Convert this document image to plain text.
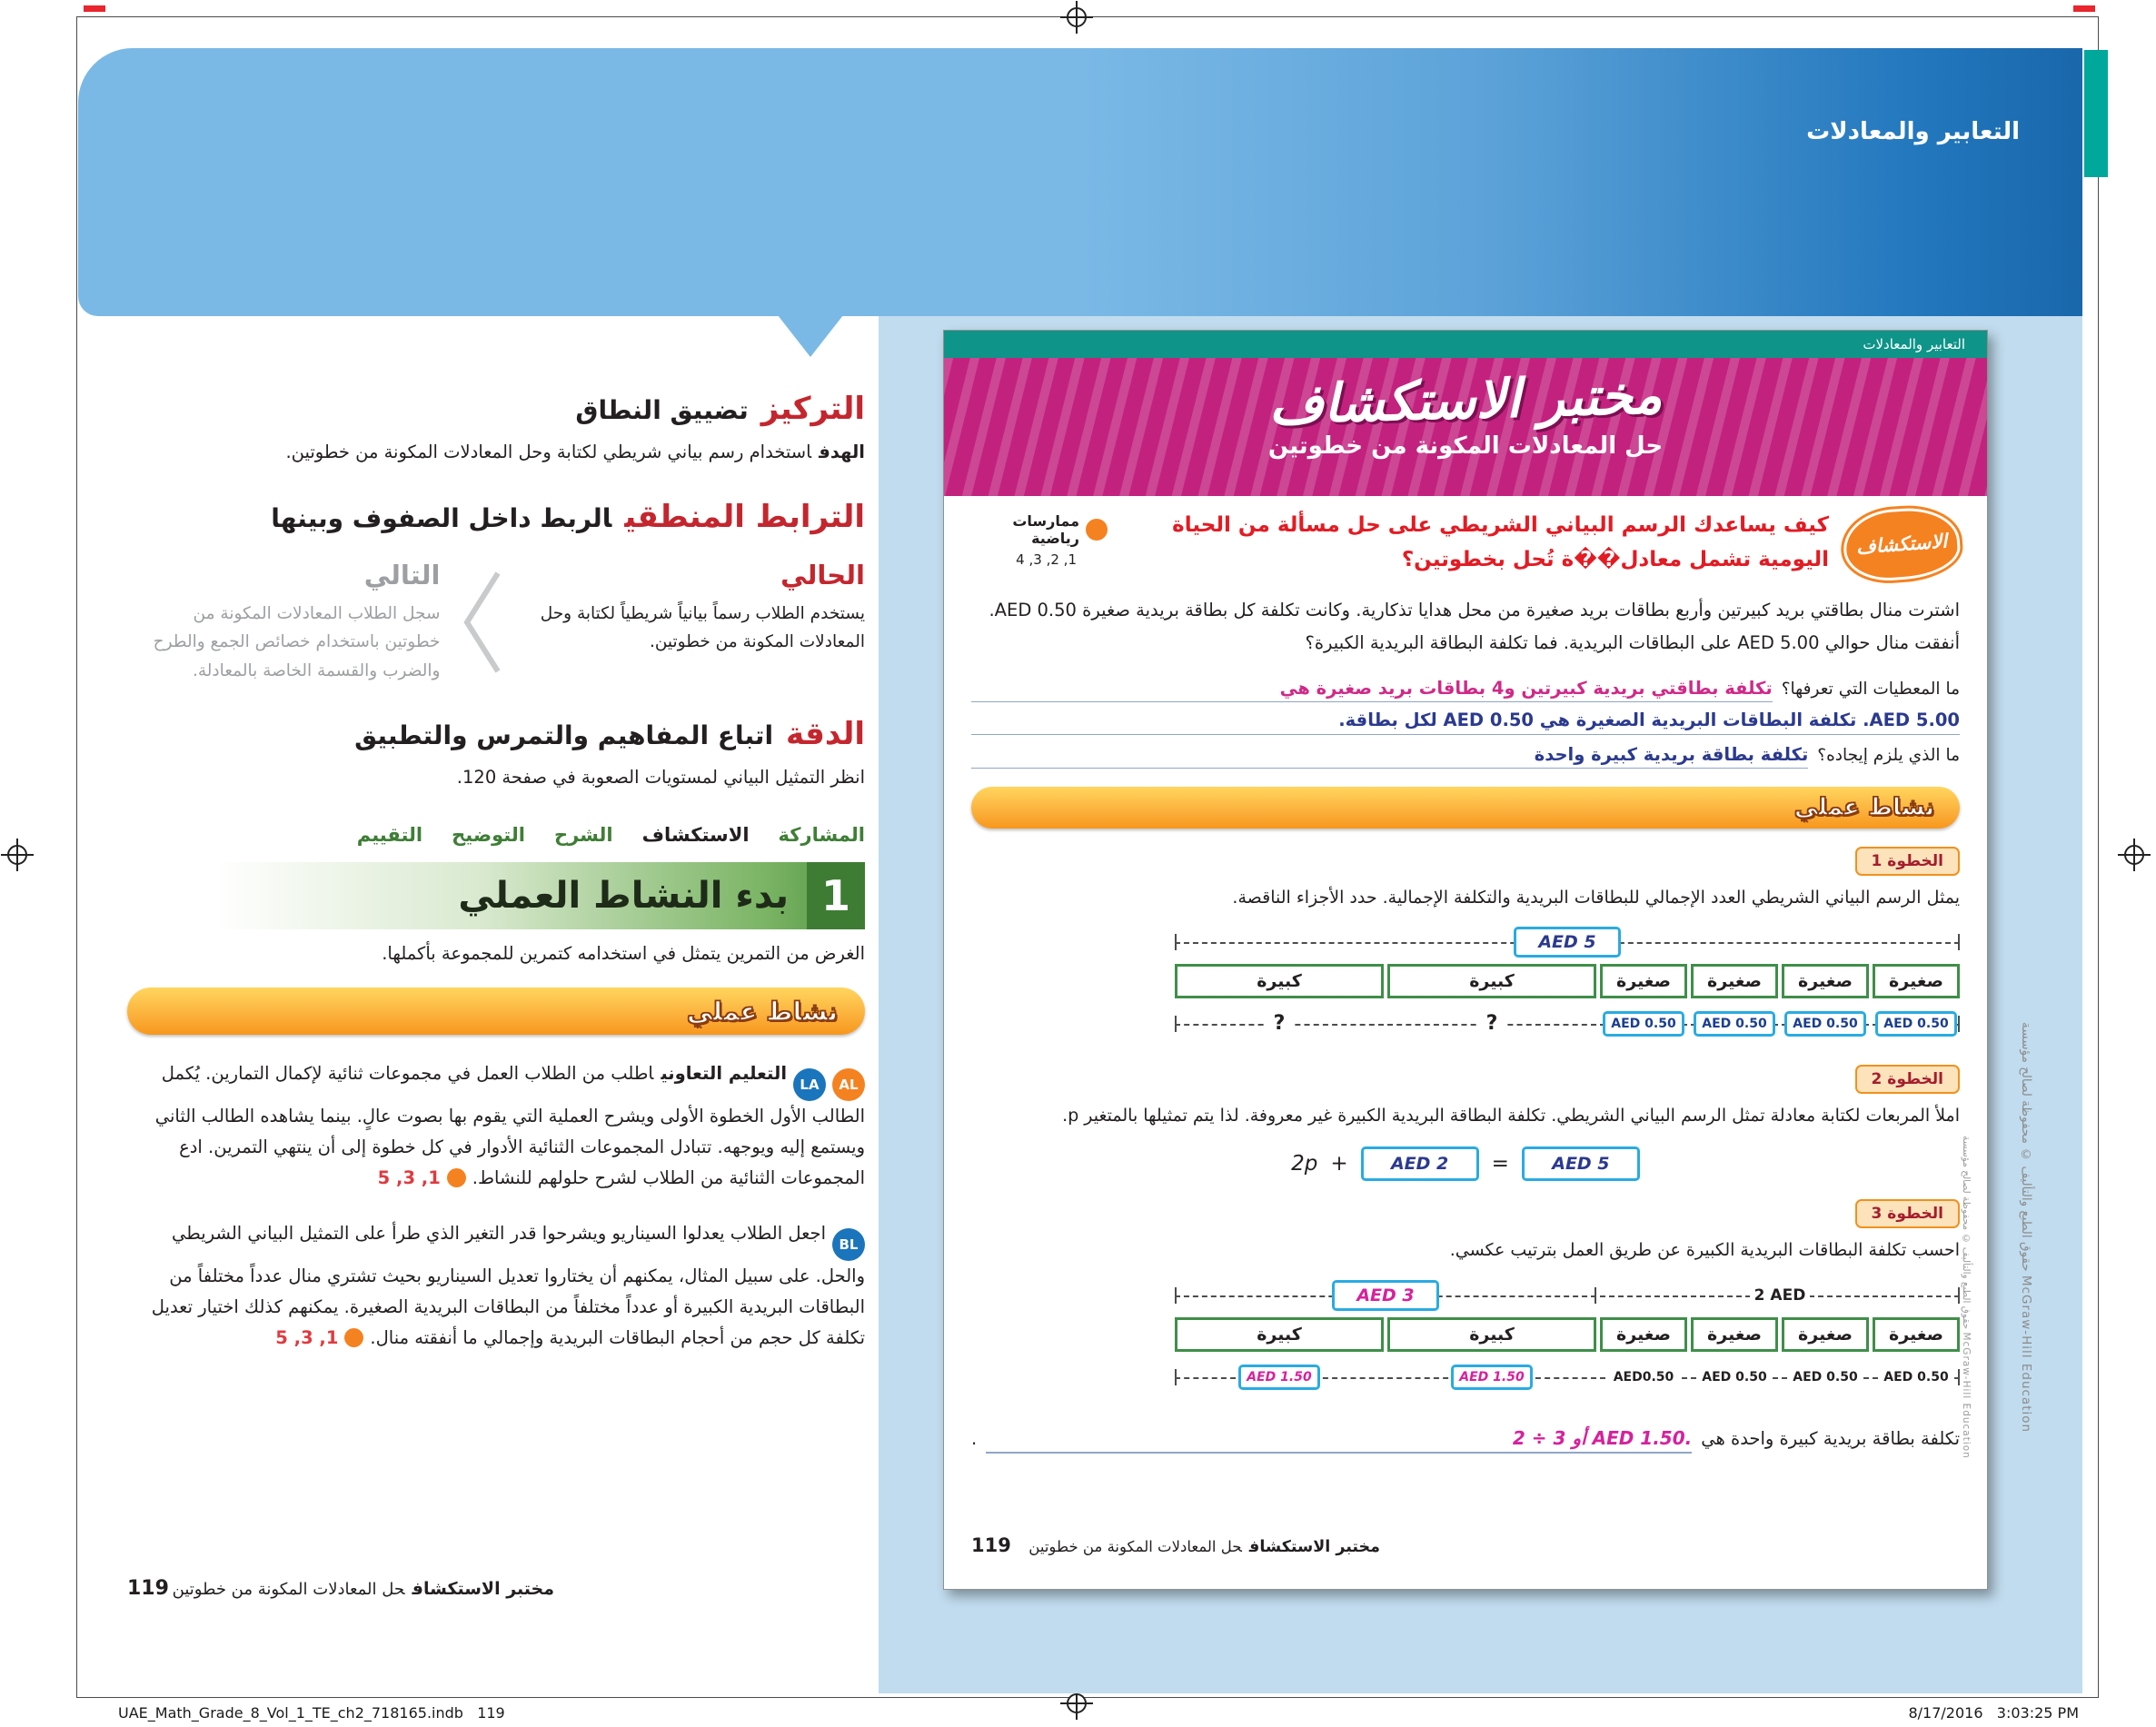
التعابير والمعادلات
التركيزتضييق النطاق

الهدفاستخدام رسم بياني شريطي لكتابة وحل المعادلات المكونة من خطوتين.

الترابط المنطقيالربط داخل الصفوف وبينها
الحالي
يستخدم الطلاب رسماً بيانياً شريطياً لكتابة وحل المعادلات المكونة من خطوتين.
التالي
سجل الطلاب المعادلات المكونة من خطوتين باستخدام خصائص الجمع والطرح والضرب والقسمة الخاصة بالمعادلة.
الدقةاتباع المفاهيم والتمرس والتطبيق

انظر التمثيل البياني لمستويات الصعوبة في صفحة 120.

المشاركة
الاستكشاف
الشرح
التوضيح
التقييم
1
بدء النشاط العملي

الغرض من التمرين يتمثل في استخدامه كتمرين للمجموعة بأكملها.

نشاط عملي

ALLAالتعليم التعاونياطلب من الطلاب العمل في مجموعات ثنائية لإكمال التمارين. يُكمل الطالب الأول الخطوة الأولى ويشرح العملية التي يقوم بها بصوت عالٍ. بينما يشاهده الطالب الثاني ويستمع إليه ويوجهه. تتبادل المجموعات الثنائية الأدوار في كل خطوة إلى أن ينتهي التمرين. ادع المجموعات الثنائية من الطلاب لشرح حلولهم للنشاط.1, 3, 5

BLاجعل الطلاب يعدلوا السيناريو ويشرحوا قدر التغير الذي طرأ على التمثيل البياني الشريطي والحل. على سبيل المثال، يمكنهم أن يختاروا تعديل السيناريو بحيث تشتري منال عدداً مختلفاً من البطاقات البريدية الكبيرة أو عدداً مختلفاً من البطاقات البريدية الصغيرة. يمكنهم كذلك اختيار تعديل تكلفة كل حجم من أحجام البطاقات البريدية وإجمالي ما أنفقته منال.1, 3, 5

مختبر الاستكشافحل المعادلات المكونة من خطوتين
119
التعابير والمعادلات
مختبر الاستكشاف
حل المعادلات المكونة من خطوتين
الاستكشاف
كيف يساعدك الرسم البياني الشريطي على حل مسألة من الحياة اليومية تشمل معادل��ة تُحل بخطوتين؟
ممارسات رياضية
1, 2, 3, 4

اشترت منال بطاقتي بريد كبيرتين وأربع بطاقات بريد صغيرة من محل هدايا تذكارية. وكانت تكلفة كل بطاقة بريدية صغيرة AED 0.50. أنفقت منال حوالي AED 5.00 على البطاقات البريدية. فما تكلفة البطاقة البريدية الكبيرة؟

ما المعطيات التي تعرفها؟
تكلفة بطاقتي بريدية كبيرتين و4 بطاقات بريد صغيرة هي
AED 5.00. تكلفة البطاقات البريدية الصغيرة هي AED 0.50 لكل بطاقة.
ما الذي يلزم إيجاده؟
تكلفة بطاقة بريدية كبيرة واحدة
نشاط عملي
الخطوة 1
يمثل الرسم البياني الشريطي العدد الإجمالي للبطاقات البريدية والتكلفة الإجمالية. حدد الأجزاء الناقصة.
AED 5
كبيرة	كبيرة	صغيرة	صغيرة	صغيرة	صغيرة
?	?	AED 0.50	AED 0.50	AED 0.50	AED 0.50
الخطوة 2
املأ المربعات لكتابة معادلة تمثل الرسم البياني الشريطي. تكلفة البطاقة البريدية الكبيرة غير معروفة. لذا يتم تمثيلها بالمتغير p.
2p +	AED 2	=	AED 5
الخطوة 3
احسب تكلفة البطاقات البريدية الكبيرة عن طريق العمل بترتيب عكسي.
AED 3	2 AED
كبيرة	كبيرة	صغيرة	صغيرة	صغيرة	صغيرة
AED 1.50	AED 1.50	AED0.50	AED 0.50	AED 0.50	AED 0.50
تكلفة بطاقة بريدية كبيرة واحدة هي
2 ÷ 3 أو AED 1.50.
.
مختبر الاستكشافحل المعادلات المكونة من خطوتين
119
حقوق الطبع والتأليف © محفوظة لصالح مؤسسة McGraw-Hill Education
حقوق الطبع والتأليف © محفوظة لصالح مؤسسة McGraw-Hill Education
UAE_Math_Grade_8_Vol_1_TE_ch2_718165.indb   119	8/17/2016   3:03:25 PM
